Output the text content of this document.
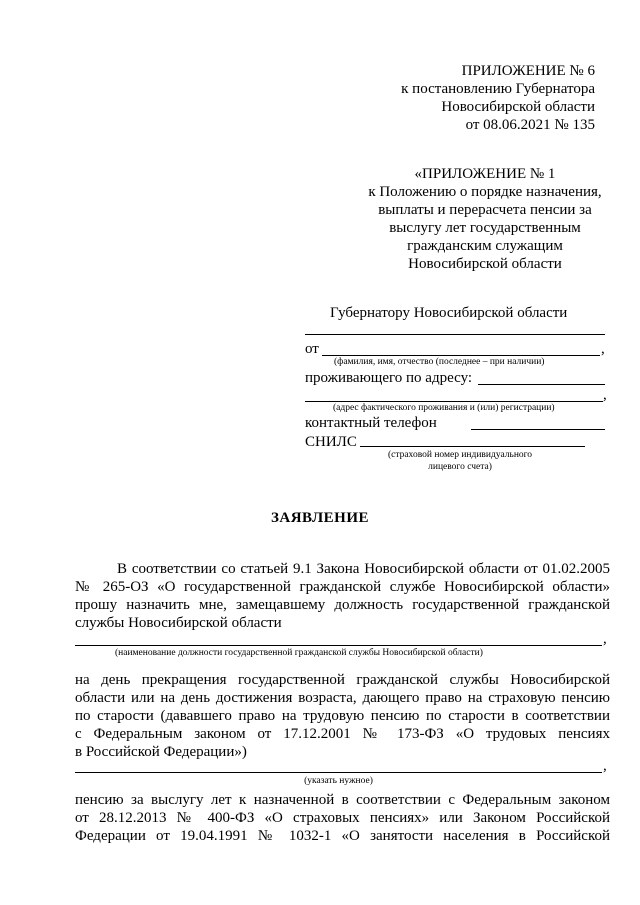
ПРИЛОЖЕНИЕ № 6
к постановлению Губернатора
Новосибирской области
от 08.06.2021 № 135
«ПРИЛОЖЕНИЕ № 1
к Положению о порядке назначения,
выплаты и перерасчета пенсии за
выслугу лет государственным
гражданским служащим
Новосибирской области
Губернатору Новосибирской области
от	,
(фамилия, имя, отчество (последнее – при наличии)
проживающего по адресу:
,
(адрес фактического проживания и (или) регистрации)
контактный телефон
СНИЛС
(страховой номер индивидуального
лицевого счета)
ЗАЯВЛЕНИЕ
В соответствии со статьей 9.1 Закона Новосибирской области от 01.02.2005
№ 265-ОЗ «О государственной гражданской службе Новосибирской области»
прошу назначить мне, замещавшему должность государственной гражданской
службы Новосибирской области
,
(наименование должности государственной гражданской службы Новосибирской области)
на день прекращения государственной гражданской службы Новосибирской
области или на день достижения возраста, дающего право на страховую пенсию
по старости (дававшего право на трудовую пенсию по старости в соответствии
с Федеральным законом от 17.12.2001 № 173-ФЗ «О трудовых пенсиях
в Российской Федерации»)
,
(указать нужное)
пенсию за выслугу лет к назначенной в соответствии с Федеральным законом
от 28.12.2013 № 400-ФЗ «О страховых пенсиях» или Законом Российской
Федерации от 19.04.1991 № 1032-1 «О занятости населения в Российской
